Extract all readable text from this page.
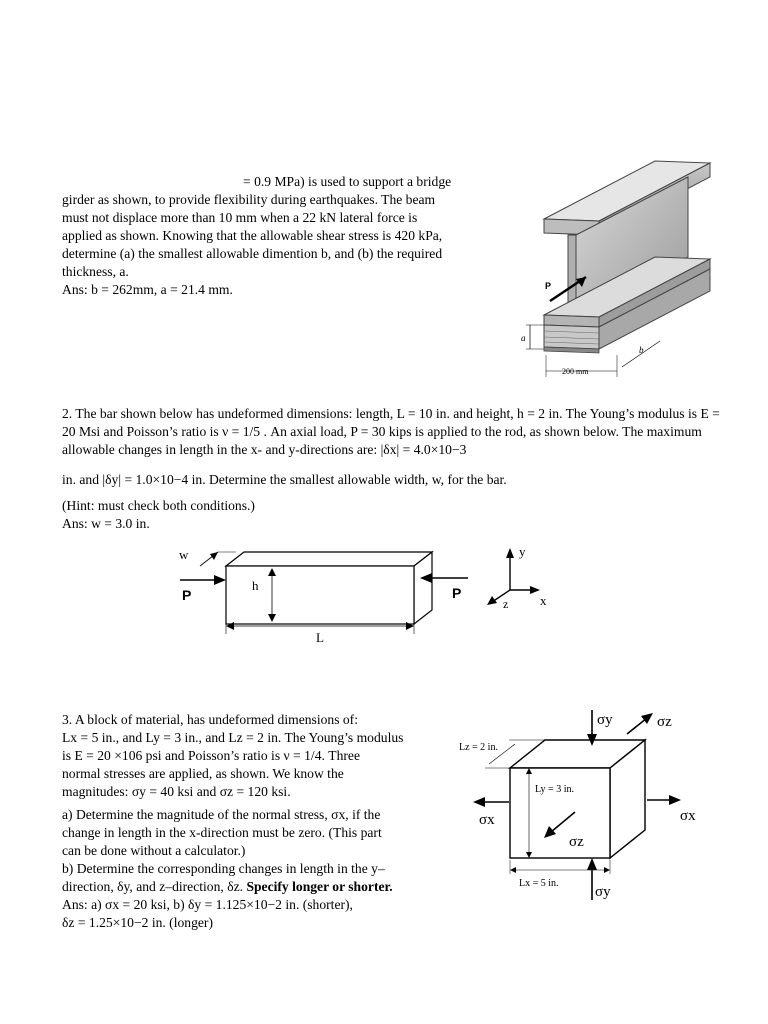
= 0.9 MPa) is used to support a bridge
girder as shown, to provide flexibility during earthquakes. The beam
must not displace more than 10 mm when a 22 kN lateral force is
applied as shown. Knowing that the allowable shear stress is 420 kPa,
determine (a) the smallest allowable dimention b, and (b) the required
thickness, a.
Ans: b = 262mm, a = 21.4 mm.	P
a
200 mm
b
2. The bar shown below has undeformed dimensions: length, L = 10 in. and height, h = 2 in. The Young’s modulus is E = 20 Msi and Poisson’s ratio is ν = 1/5 . An axial load, P = 30 kips is applied to the rod, as shown below. The maximum allowable changes in length in the x- and y-directions are: |δx| = 4.0×10−3
in. and |δy| = 1.0×10−4 in. Determine the smallest allowable width, w, for the bar.
(Hint: must check both conditions.)
Ans: w = 3.0 in.
w
h
P	P
L
y
x
z
3. A block of material, has undeformed dimensions of:
Lx = 5 in., and Ly = 3 in., and Lz = 2 in. The Young’s modulus
is E = 20 ×106 psi and Poisson’s ratio is ν = 1/4. Three
normal stresses are applied, as shown. We know the
magnitudes: σy = 40 ksi and σz = 120 ksi.
a) Determine the magnitude of the normal stress, σx, if the
change in length in the x-direction must be zero. (This part
can be done without a calculator.)
b) Determine the corresponding changes in length in the y–
direction, δy, and z–direction, δz. Specify longer or shorter.
Ans: a) σx = 20 ksi, b) δy = 1.125×10−2 in. (shorter),
δz = 1.25×10−2 in. (longer)
σy	σz
σx	σx
σz
σy
Lz = 2 in.
Ly = 3 in.
Lx = 5 in.
